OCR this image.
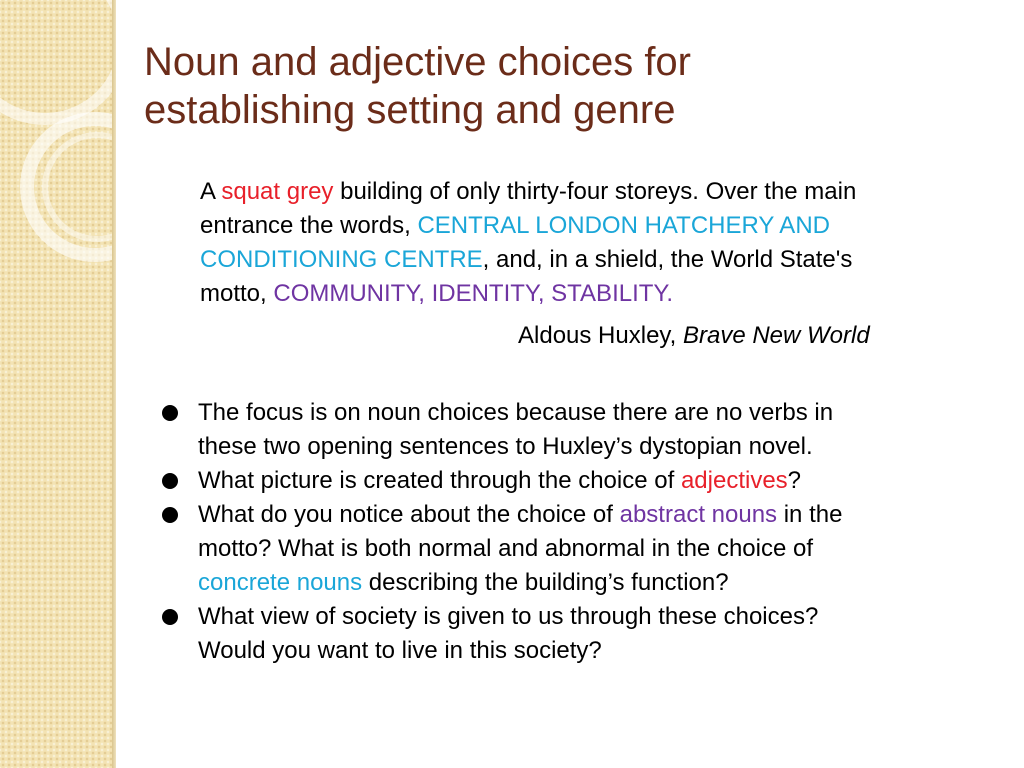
Noun and adjective choices for
establishing setting and genre

A squat grey building of only thirty-four storeys. Over the main
entrance the words, CENTRAL LONDON HATCHERY AND
CONDITIONING CENTRE, and, in a shield, the World State's
motto, COMMUNITY, IDENTITY, STABILITY.

Aldous Huxley, Brave New World

The focus is on noun choices because there are no verbs in
these two opening sentences to Huxley’s dystopian novel.
What picture is created through the choice of adjectives?
What do you notice about the choice of abstract nouns in the
motto? What is both normal and abnormal in the choice of
concrete nouns describing the building’s function?
What view of society is given to us through these choices?
Would you want to live in this society?
